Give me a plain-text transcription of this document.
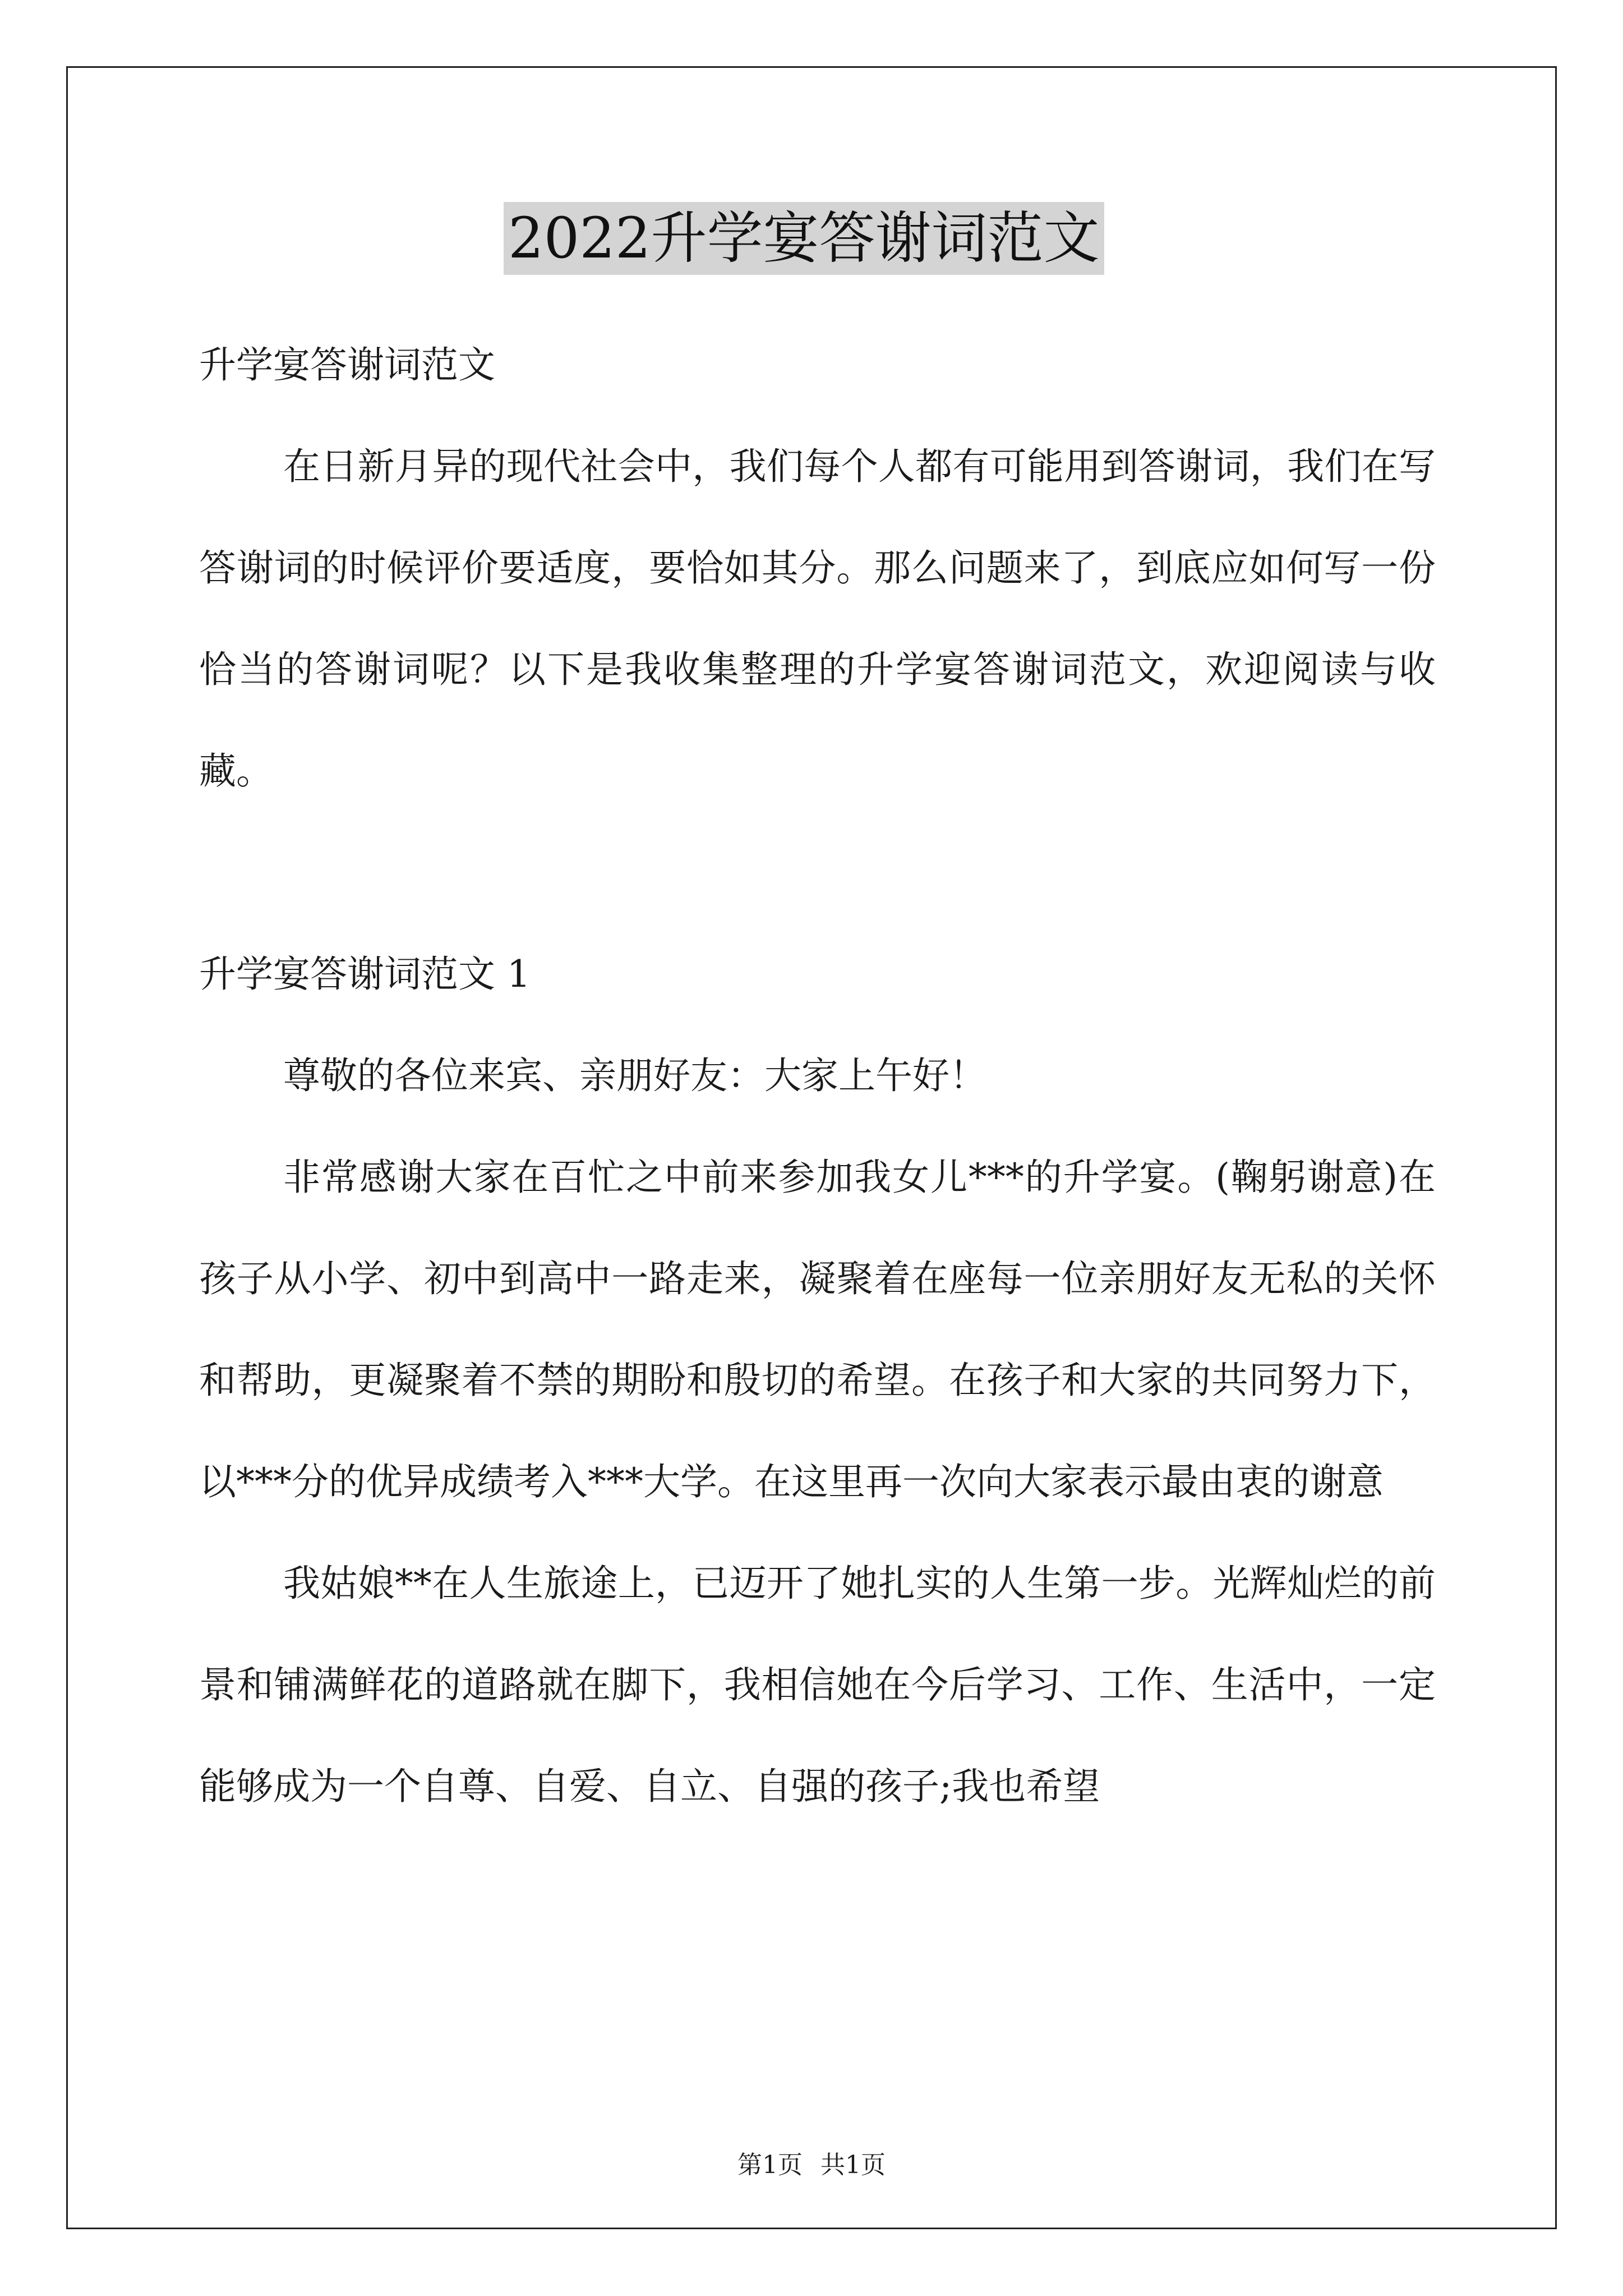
2022升学宴答谢词范文

升学宴答谢词范文

在日新月异的现代社会中，我们每个人都有可能用到答谢词，我们在写答谢词的时候评价要适度，要恰如其分。那么问题来了，到底应如何写一份恰当的答谢词呢？以下是我收集整理的升学宴答谢词范文，欢迎阅读与收藏。

升学宴答谢词范文 1

尊敬的各位来宾、亲朋好友：大家上午好！

非常感谢大家在百忙之中前来参加我女儿***的升学宴。(鞠躬谢意)在孩子从小学、初中到高中一路走来，凝聚着在座每一位亲朋好友无私的关怀和帮助，更凝聚着不禁的期盼和殷切的希望。在孩子和大家的共同努力下，以***分的优异成绩考入***大学。在这里再一次向大家表示最由衷的谢意

我姑娘**在人生旅途上，已迈开了她扎实的人生第一步。光辉灿烂的前景和铺满鲜花的道路就在脚下，我相信她在今后学习、工作、生活中，一定能够成为一个自尊、自爱、自立、自强的孩子;我也希望

第1页 共1页
